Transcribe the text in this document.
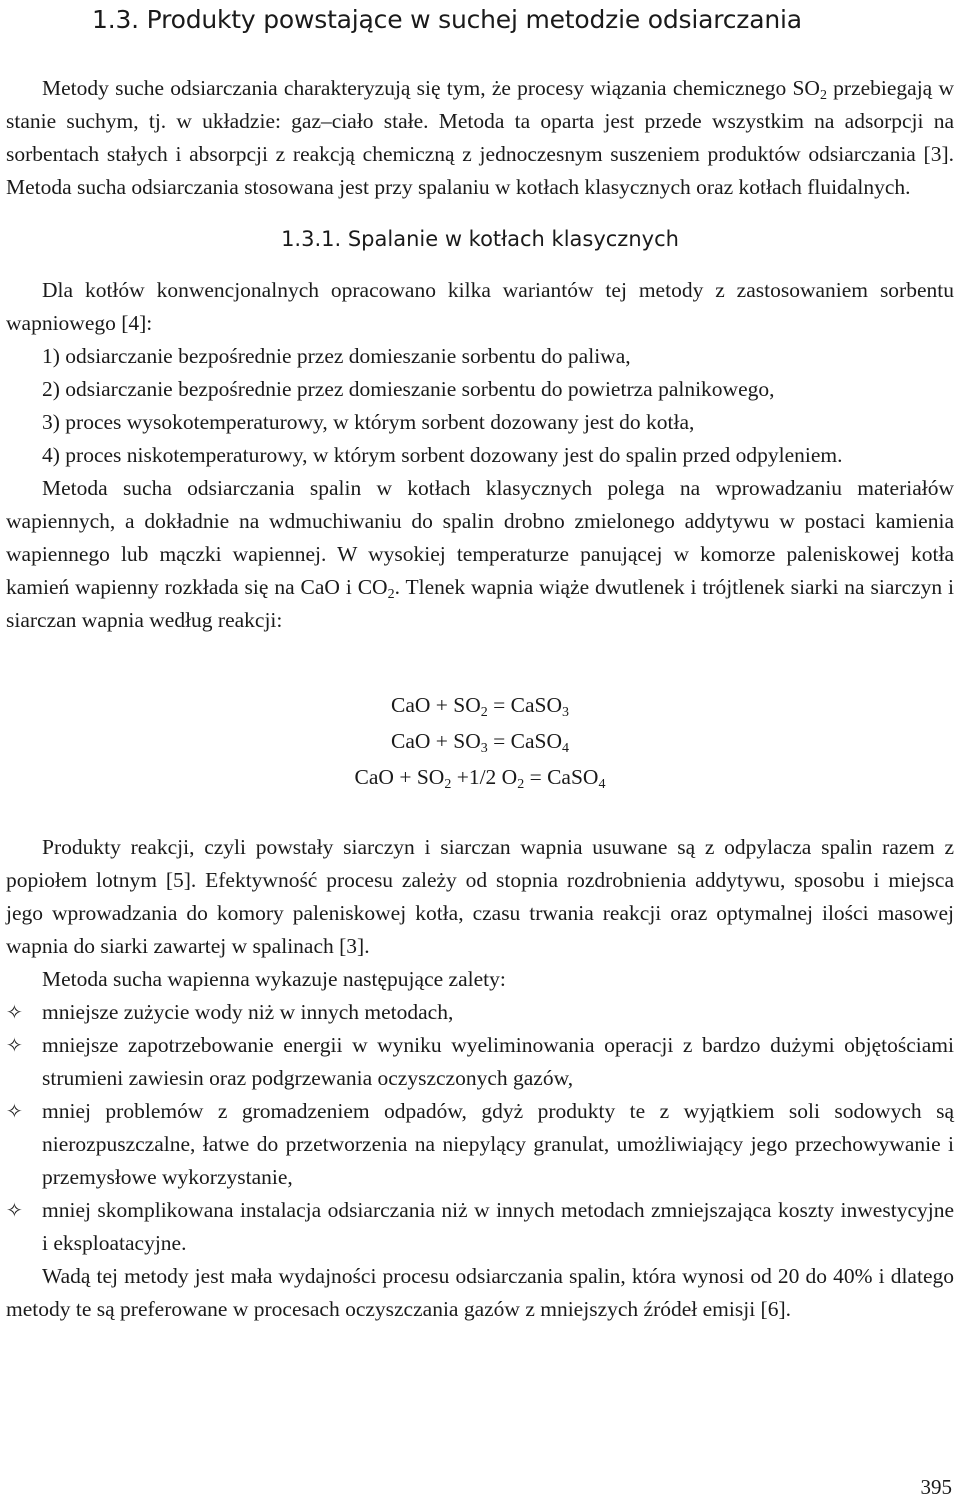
1.3. Produkty powstające w suchej metodzie odsiarczania

Metody suche odsiarczania charakteryzują się tym, że procesy wiązania chemicznego $SO_2$ przebiegają w stanie suchym, tj. w układzie: gaz–ciało stałe. Metoda ta oparta jest przede wszystkim na adsorpcji na sorbentach stałych i absorpcji z reakcją chemiczną z jednoczesnym suszeniem produktów odsiarczania [3]. Metoda sucha odsiarczania stosowana jest przy spalaniu w kotłach klasycznych oraz kotłach fluidalnych.

1.3.1. Spalanie w kotłach klasycznych

Dla kotłów konwencjonalnych opracowano kilka wariantów tej metody z zastosowaniem sorbentu wapniowego [4]:

1) odsiarczanie bezpośrednie przez domieszanie sorbentu do paliwa,

2) odsiarczanie bezpośrednie przez domieszanie sorbentu do powietrza palnikowego,

3) proces wysokotemperaturowy, w którym sorbent dozowany jest do kotła,

4) proces niskotemperaturowy, w którym sorbent dozowany jest do spalin przed odpyleniem.

Metoda sucha odsiarczania spalin w kotłach klasycznych polega na wprowadzaniu materiałów wapiennych, a dokładnie na wdmuchiwaniu do spalin drobno zmielonego addytywu w postaci kamienia wapiennego lub mączki wapiennej. W wysokiej temperaturze panującej w komorze paleniskowej kotła kamień wapienny rozkłada się na CaO i $CO_2$. Tlenek wapnia wiąże dwutlenek i trójtlenek siarki na siarczyn i siarczan wapnia według reakcji:

CaO + $SO_2$ = CaSO$_3$

CaO + $SO_3$ = CaSO$_4$

CaO + $SO_2 +1/2$ $O_2$ = CaSO$_4$

Produkty reakcji, czyli powstały siarczyn i siarczan wapnia usuwane są z odpylacza spalin razem z popiołem lotnym [5]. Efektywność procesu zależy od stopnia rozdrobnienia addytywu, sposobu i miejsca jego wprowadzania do komory paleniskowej kotła, czasu trwania reakcji oraz optymalnej ilości masowej wapnia do siarki zawartej w spalinach [3].

Metoda sucha wapienna wykazuje następujące zalety:

✧ mniejsze zużycie wody niż w innych metodach,
✧ mniejsze zapotrzebowanie energii w wyniku wyeliminowania operacji z bardzo dużymi objętościami strumieni zawiesin oraz podgrzewania oczyszczonych gazów,
✧ mniej problemów z gromadzeniem odpadów, gdyż produkty te z wyjątkiem soli sodowych są nierozpuszczalne, łatwe do przetworzenia na niepylący granulat, umożliwiający jego przechowywanie i przemysłowe wykorzystanie,
✧ mniej skomplikowana instalacja odsiarczania niż w innych metodach zmniejszająca koszty inwestycyjne i eksploatacyjne.

Wadą tej metody jest mała wydajności procesu odsiarczania spalin, która wynosi od 20 do 40% i dlatego metody te są preferowane w procesach oczyszczania gazów z mniejszych źródeł emisji [6].

395
